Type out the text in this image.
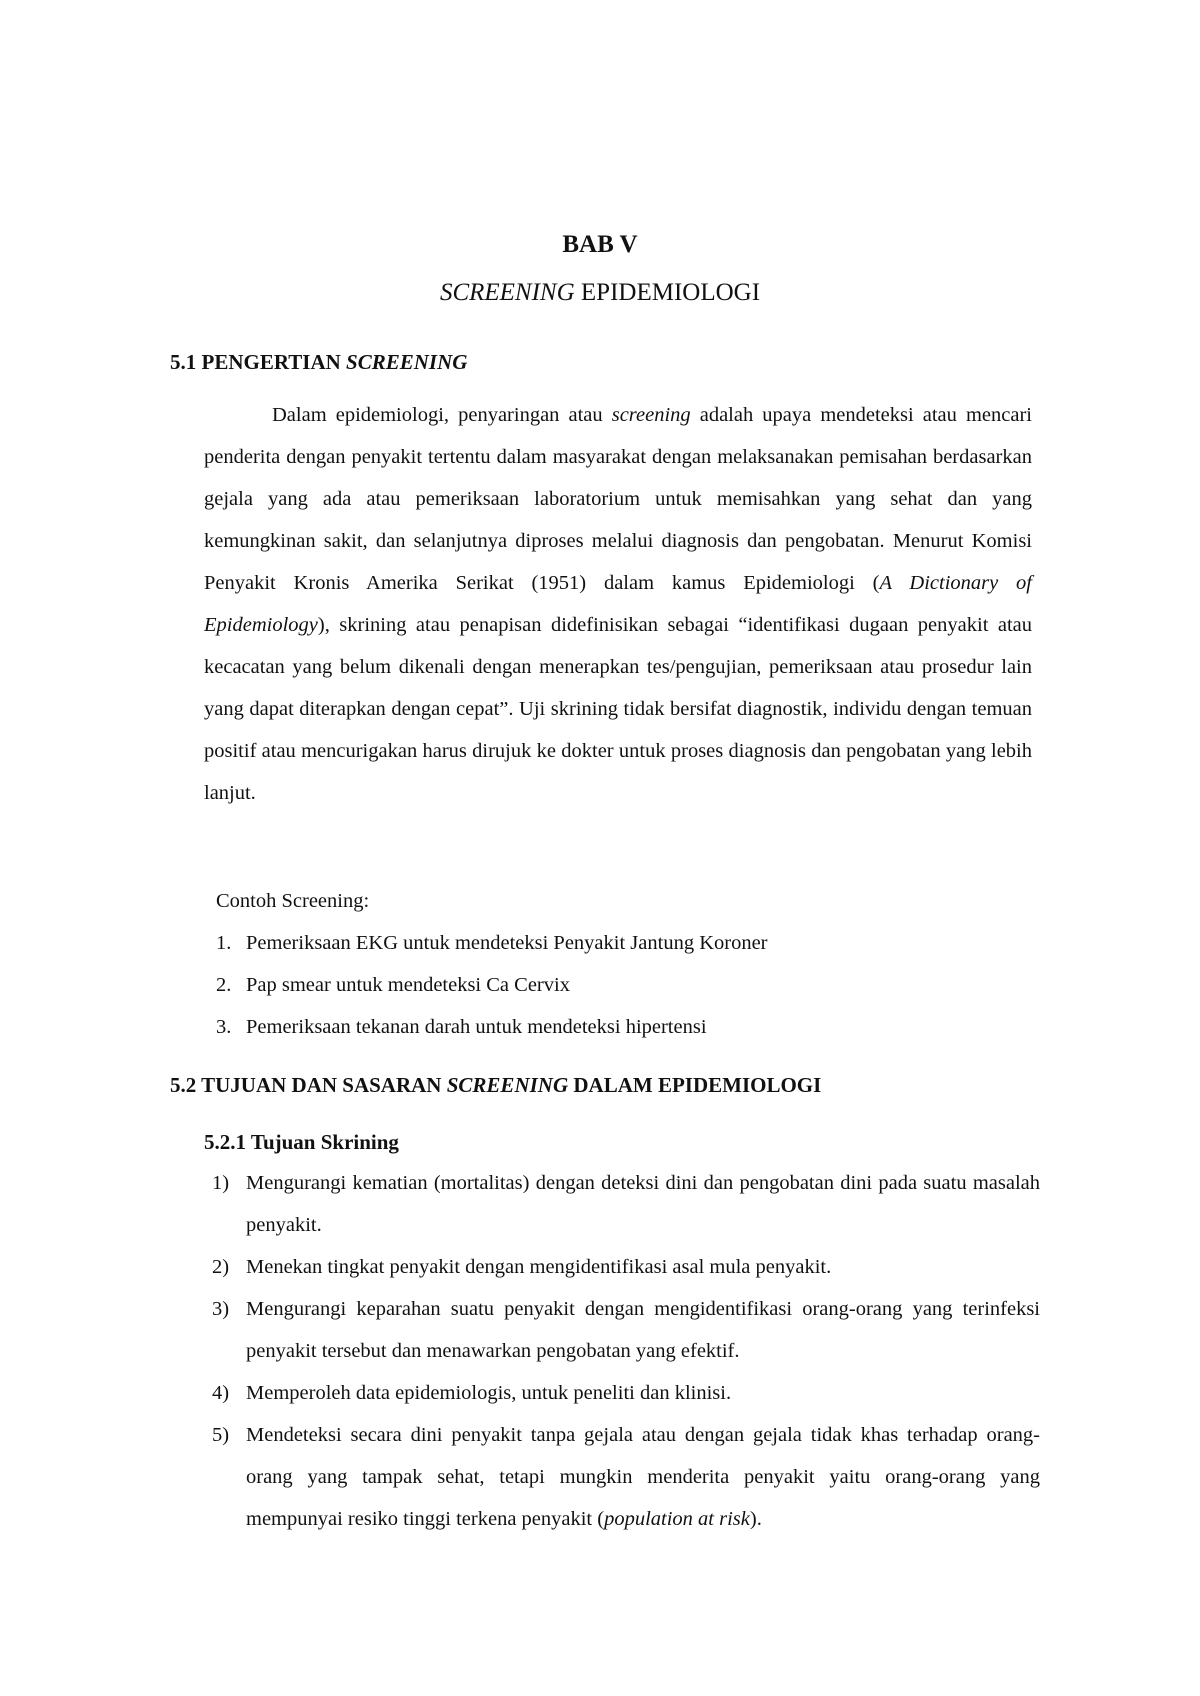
BAB V
SCREENING EPIDEMIOLOGI
5.1 PENGERTIAN SCREENING

Dalam epidemiologi, penyaringan atau screening adalah upaya mendeteksi atau mencari penderita dengan penyakit tertentu dalam masyarakat dengan melaksanakan pemisahan berdasarkan gejala yang ada atau pemeriksaan laboratorium untuk memisahkan yang sehat dan yang kemungkinan sakit, dan selanjutnya diproses melalui diagnosis dan pengobatan. Menurut Komisi Penyakit Kronis Amerika Serikat (1951) dalam kamus Epidemiologi (A Dictionary of Epidemiology), skrining atau penapisan didefinisikan sebagai “identifikasi dugaan penyakit atau kecacatan yang belum dikenali dengan menerapkan tes/pengujian, pemeriksaan atau prosedur lain yang dapat diterapkan dengan cepat”. Uji skrining tidak bersifat diagnostik, individu dengan temuan positif atau mencurigakan harus dirujuk ke dokter untuk proses diagnosis dan pengobatan yang lebih lanjut.

Contoh Screening:
1. Pemeriksaan EKG untuk mendeteksi Penyakit Jantung Koroner
2. Pap smear untuk mendeteksi Ca Cervix
3. Pemeriksaan tekanan darah untuk mendeteksi hipertensi
5.2 TUJUAN DAN SASARAN SCREENING DALAM EPIDEMIOLOGI
5.2.1 Tujuan Skrining
1) Mengurangi kematian (mortalitas) dengan deteksi dini dan pengobatan dini pada suatu masalah penyakit.
2) Menekan tingkat penyakit dengan mengidentifikasi asal mula penyakit.
3) Mengurangi keparahan suatu penyakit dengan mengidentifikasi orang-orang yang terinfeksi penyakit tersebut dan menawarkan pengobatan yang efektif.
4) Memperoleh data epidemiologis, untuk peneliti dan klinisi.
5) Mendeteksi secara dini penyakit tanpa gejala atau dengan gejala tidak khas terhadap orang-orang yang tampak sehat, tetapi mungkin menderita penyakit yaitu orang-orang yang mempunyai resiko tinggi terkena penyakit (population at risk).
